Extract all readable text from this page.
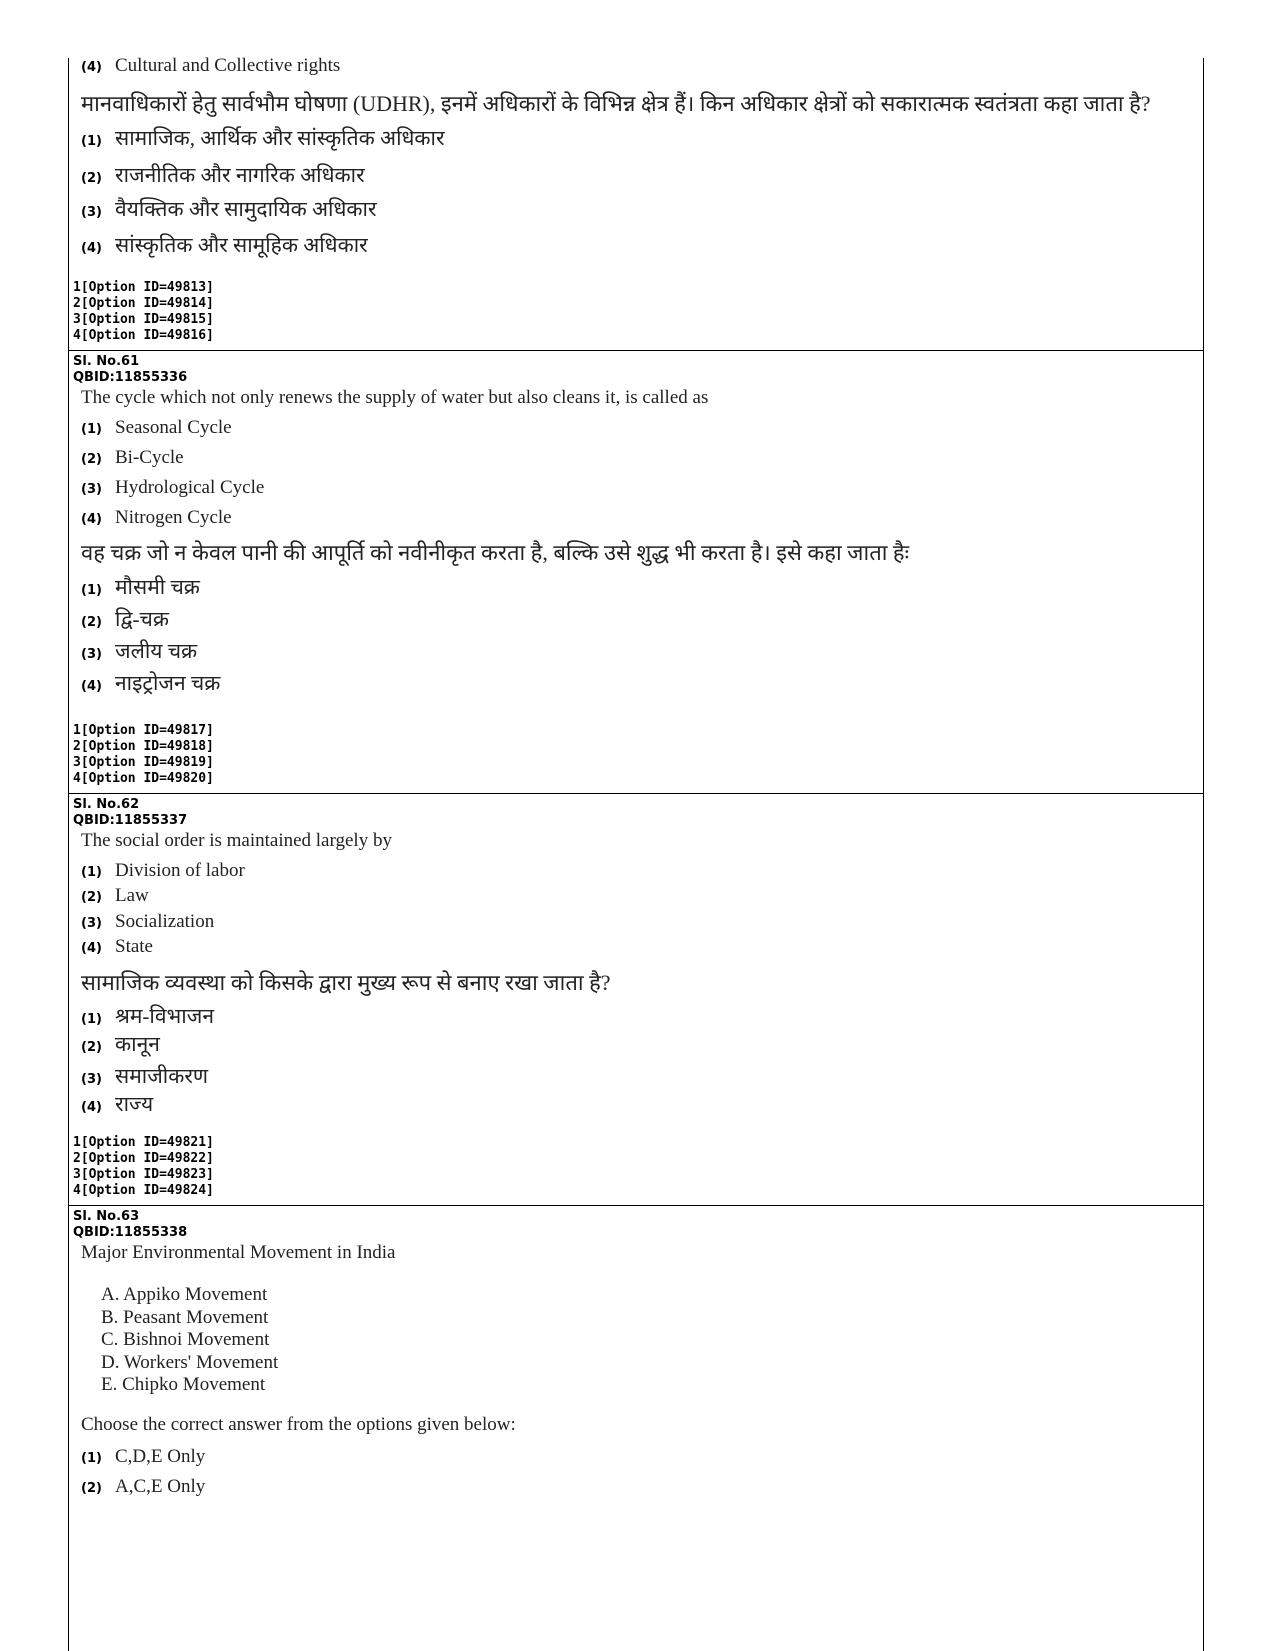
(4) Cultural and Collective rights
मानवाधिकारों हेतु सार्वभौम घोषणा (UDHR), इनमें अधिकारों के विभिन्न क्षेत्र हैं। किन अधिकार क्षेत्रों को सकारात्मक स्वतंत्रता कहा जाता है?
(1) सामाजिक, आर्थिक और सांस्कृतिक अधिकार
(2) राजनीतिक और नागरिक अधिकार
(3) वैयक्तिक और सामुदायिक अधिकार
(4) सांस्कृतिक और सामूहिक अधिकार
1[Option ID=49813]
2[Option ID=49814]
3[Option ID=49815]
4[Option ID=49816]
Sl. No.61
QBID:11855336
The cycle which not only renews the supply of water but also cleans it, is called as
(1) Seasonal Cycle
(2) Bi-Cycle
(3) Hydrological Cycle
(4) Nitrogen Cycle
वह चक्र जो न केवल पानी की आपूर्ति को नवीनीकृत करता है, बल्कि उसे शुद्ध भी करता है। इसे कहा जाता हैः
(1) मौसमी चक्र
(2) द्वि-चक्र
(3) जलीय चक्र
(4) नाइट्रोजन चक्र
1[Option ID=49817]
2[Option ID=49818]
3[Option ID=49819]
4[Option ID=49820]
Sl. No.62
QBID:11855337
The social order is maintained largely by
(1) Division of labor
(2) Law
(3) Socialization
(4) State
सामाजिक व्यवस्था को किसके द्वारा मुख्य रूप से बनाए रखा जाता है?
(1) श्रम-विभाजन
(2) कानून
(3) समाजीकरण
(4) राज्य
1[Option ID=49821]
2[Option ID=49822]
3[Option ID=49823]
4[Option ID=49824]
Sl. No.63
QBID:11855338
Major Environmental Movement in India
A. Appiko Movement
B. Peasant Movement
C. Bishnoi Movement
D. Workers' Movement
E. Chipko Movement
Choose the correct answer from the options given below:
(1) C,D,E Only
(2) A,C,E Only
